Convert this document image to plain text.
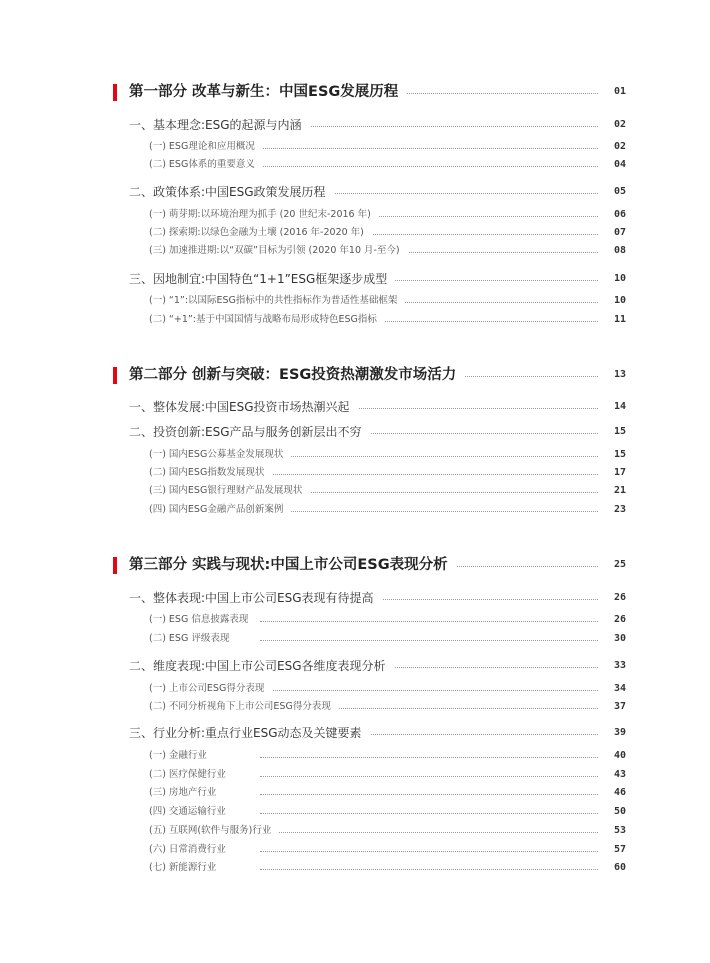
第一部分 改革与新生：中国ESG发展历程	01
一、基本理念:ESG的起源与内涵	02
(一) ESG理论和应用概况	02
(二) ESG体系的重要意义	04
二、政策体系:中国ESG政策发展历程	05
(一) 萌芽期:以环境治理为抓手 (20 世纪末-2016 年)	06
(二) 探索期:以绿色金融为土壤 (2016 年-2020 年)	07
(三) 加速推进期:以“双碳”目标为引领 (2020 年10 月-至今)	08
三、因地制宜:中国特色“1+1”ESG框架逐步成型	10
(一) “1”:以国际ESG指标中的共性指标作为普适性基础框架	10
(二) “+1”:基于中国国情与战略布局形成特色ESG指标	11
第二部分 创新与突破：ESG投资热潮激发市场活力	13
一、整体发展:中国ESG投资市场热潮兴起	14
二、投资创新:ESG产品与服务创新层出不穷	15
(一) 国内ESG公募基金发展现状	15
(二) 国内ESG指数发展现状	17
(三) 国内ESG银行理财产品发展现状	21
(四) 国内ESG金融产品创新案例	23
第三部分 实践与现状:中国上市公司ESG表现分析	25
一、整体表现:中国上市公司ESG表现有待提高	26
(一) ESG 信息披露表现	26
(二) ESG 评级表现	30
二、维度表现:中国上市公司ESG各维度表现分析	33
(一) 上市公司ESG得分表现	34
(二) 不同分析视角下上市公司ESG得分表现	37
三、行业分析:重点行业ESG动态及关键要素	39
(一) 金融行业	40
(二) 医疗保健行业	43
(三) 房地产行业	46
(四) 交通运输行业	50
(五) 互联网(软件与服务)行业	53
(六) 日常消费行业	57
(七) 新能源行业	60
